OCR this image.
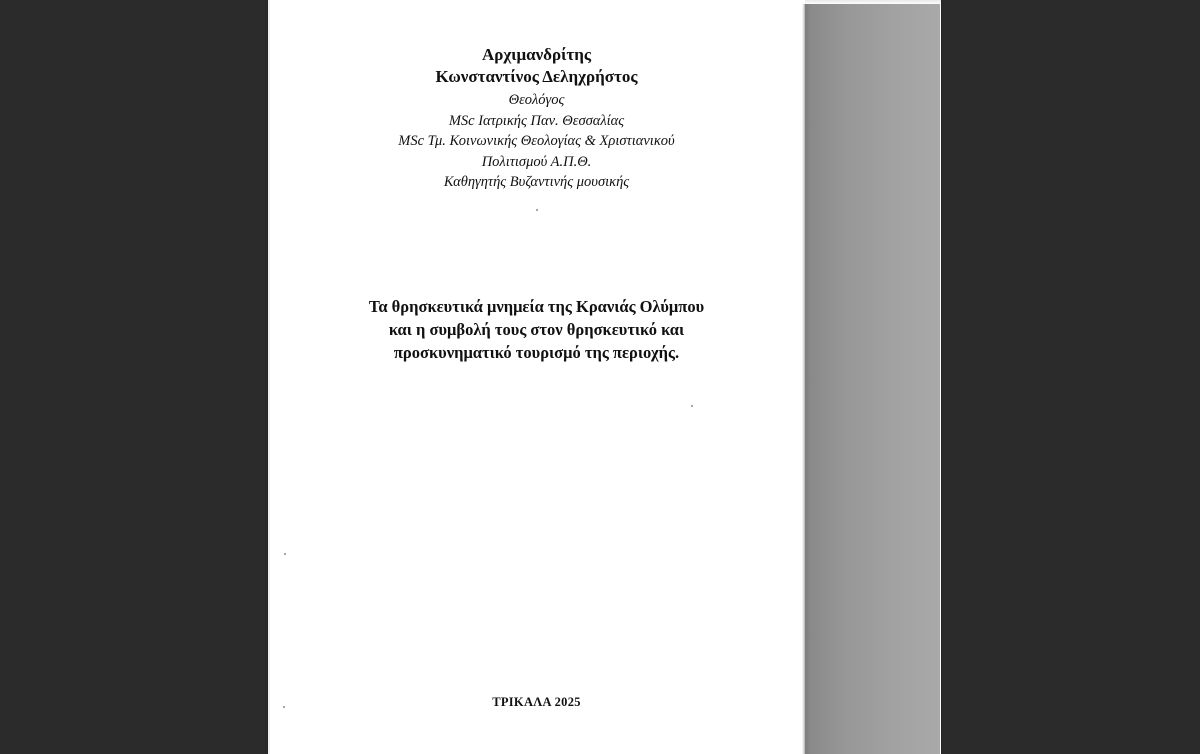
Αρχιμανδρίτης

Κωνσταντίνος Δεληχρήστος

Θεολόγος

MSc Ιατρικής Παν. Θεσσαλίας

MSc Τμ. Κοινωνικής Θεολογίας & Χριστιανικού

Πολιτισμού Α.Π.Θ.

Καθηγητής Βυζαντινής μουσικής

Τα θρησκευτικά μνημεία της Κρανιάς Ολύμπου
και η συμβολή τους στον θρησκευτικό και
προσκυνηματικό τουρισμό της περιοχής.
ΤΡΙΚΑΛΑ 2025
